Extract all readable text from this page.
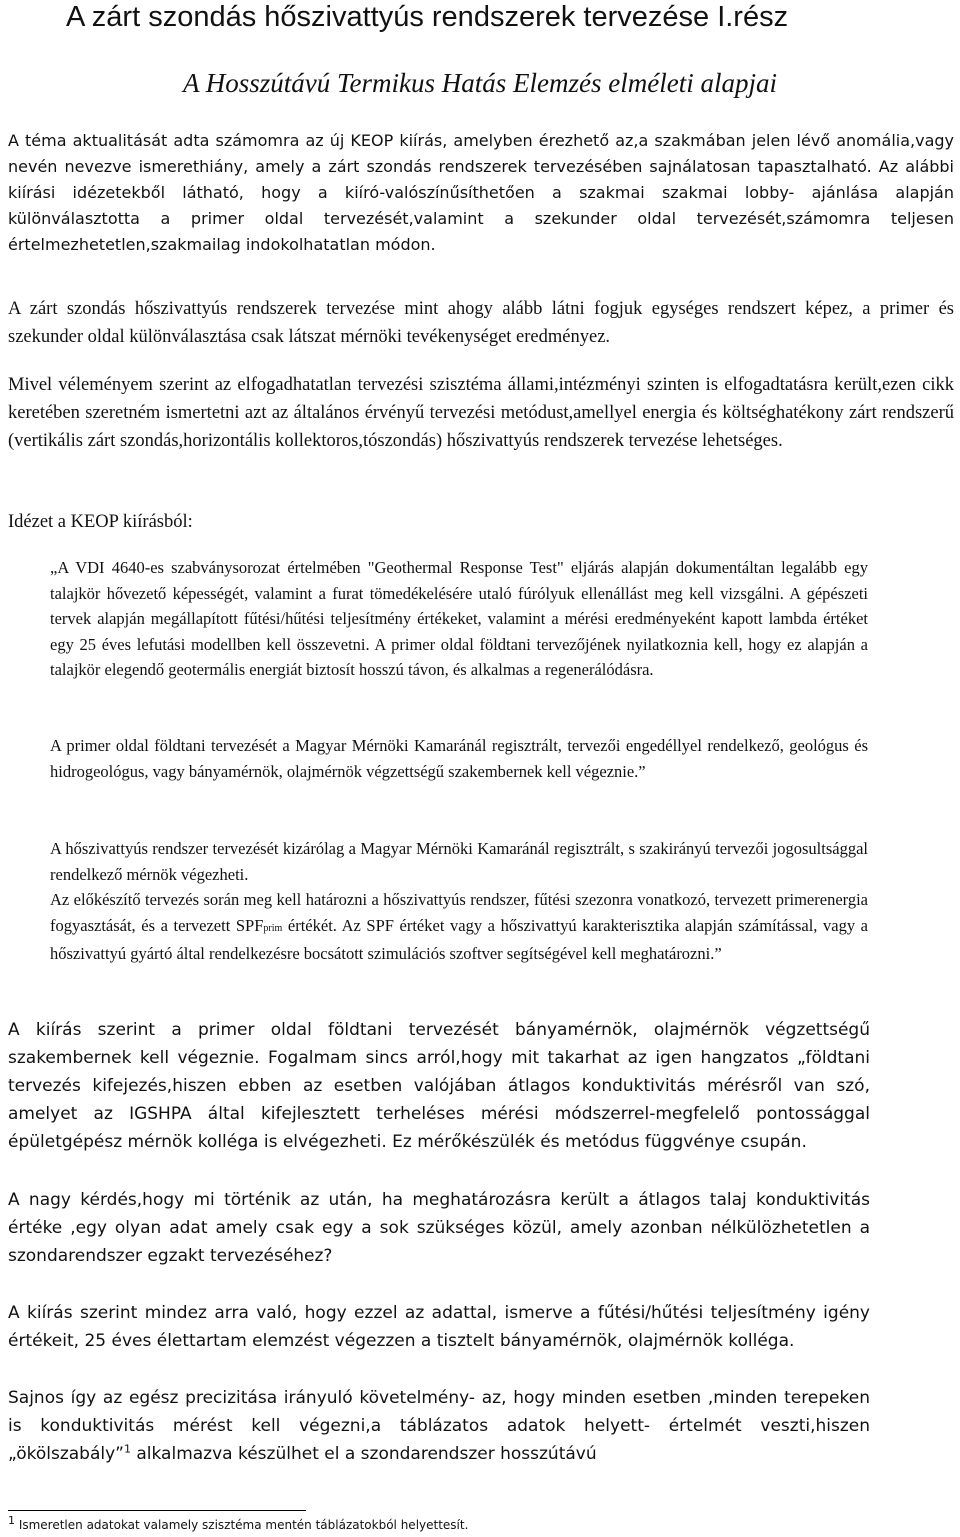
A zárt szondás hőszivattyús rendszerek tervezése I.rész
A Hosszútávú Termikus Hatás Elemzés elméleti alapjai

A téma aktualitását adta számomra az új KEOP kiírás, amelyben érezhető az,a szakmában jelen lévő anomália,vagy nevén nevezve ismerethiány, amely a zárt szondás rendszerek tervezésében sajnálatosan tapasztalható. Az alábbi kiírási idézetekből látható, hogy a kiíró-valószínűsíthetően a szakmai szakmai lobby- ajánlása alapján különválasztotta a primer oldal tervezését,valamint a szekunder oldal tervezését,számomra teljesen értelmezhetetlen,szakmailag indokolhatatlan módon.

A zárt szondás hőszivattyús rendszerek tervezése mint ahogy alább látni fogjuk egységes rendszert képez, a primer és szekunder oldal különválasztása csak látszat mérnöki tevékenységet eredményez.

Mivel véleményem szerint az elfogadhatatlan tervezési szisztéma állami,intézményi szinten is elfogadtatásra került,ezen cikk keretében szeretném ismertetni azt az általános érvényű tervezési metódust,amellyel energia és költséghatékony zárt rendszerű (vertikális zárt szondás,horizontális kollektoros,tószondás) hőszivattyús rendszerek tervezése lehetséges.

Idézet a KEOP kiírásból:

„A VDI 4640-es szabványsorozat értelmében "Geothermal Response Test" eljárás alapján dokumentáltan legalább egy talajkör hővezető képességét, valamint a furat tömedékelésére utaló fúrólyuk ellenállást meg kell vizsgálni. A gépészeti tervek alapján megállapított fűtési/hűtési teljesítmény értékeket, valamint a mérési eredményeként kapott lambda értéket egy 25 éves lefutási modellben kell összevetni. A primer oldal földtani tervezőjének nyilatkoznia kell, hogy ez alapján a talajkör elegendő geotermális energiát biztosít hosszú távon, és alkalmas a regenerálódásra.

A primer oldal földtani tervezését a Magyar Mérnöki Kamaránál regisztrált, tervezői engedéllyel rendelkező, geológus és hidrogeológus, vagy bányamérnök, olajmérnök végzettségű szakembernek kell végeznie.”

A hőszivattyús rendszer tervezését kizárólag a Magyar Mérnöki Kamaránál regisztrált, s szakirányú tervezői jogosultsággal rendelkező mérnök végezheti.

Az előkészítő tervezés során meg kell határozni a hőszivattyús rendszer, fűtési szezonra vonatkozó, tervezett primerenergia fogyasztását, és a tervezett SPFprim értékét. Az SPF értéket vagy a hőszivattyú karakterisztika alapján számítással, vagy a hőszivattyú gyártó által rendelkezésre bocsátott szimulációs szoftver segítségével kell meghatározni.”

A kiírás szerint a primer oldal földtani tervezését bányamérnök, olajmérnök végzettségű szakembernek kell végeznie. Fogalmam sincs arról,hogy mit takarhat az igen hangzatos „földtani tervezés kifejezés,hiszen ebben az esetben valójában átlagos konduktivitás mérésről van szó, amelyet az IGSHPA által kifejlesztett terheléses mérési módszerrel-megfelelő pontossággal épületgépész mérnök kolléga is elvégezheti. Ez mérőkészülék és metódus függvénye csupán.

A nagy kérdés,hogy mi történik az után, ha meghatározásra került a átlagos talaj konduktivitás értéke ,egy olyan adat amely csak egy a sok szükséges közül, amely azonban nélkülözhetetlen a szondarendszer egzakt tervezéséhez?

A kiírás szerint mindez arra való, hogy ezzel az adattal, ismerve a fűtési/hűtési teljesítmény igény értékeit, 25 éves élettartam elemzést végezzen a tisztelt bányamérnök, olajmérnök kolléga.

Sajnos így az egész precizitása irányuló követelmény- az, hogy minden esetben ,minden terepeken is konduktivitás mérést kell végezni,a táblázatos adatok helyett- értelmét veszti,hiszen „ökölszabály”$^1$ alkalmazva készülhet el a szondarendszer hosszútávú

1 Ismeretlen adatokat valamely szisztéma mentén táblázatokból helyettesít.
